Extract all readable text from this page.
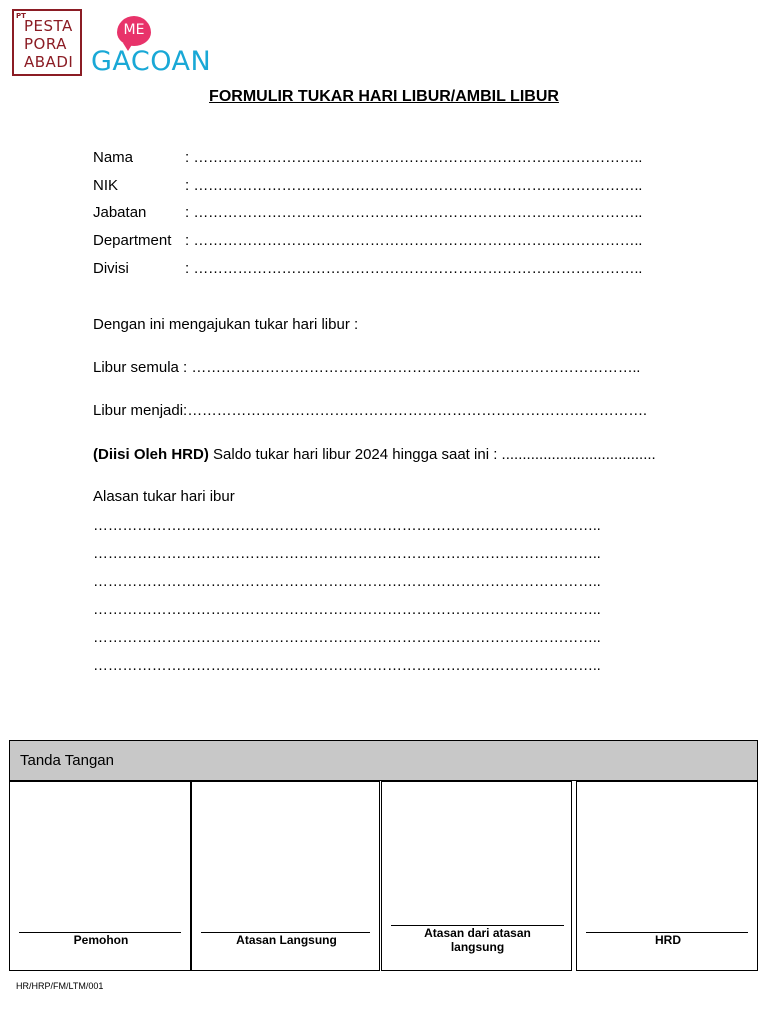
PT
PESTA
PORA
ABADI
ME
GACOAN
FORMULIR TUKAR HARI LIBUR/AMBIL LIBUR
Nama	: ………………………………………………………………………………..
NIK	: ………………………………………………………………………………..
Jabatan	: ………………………………………………………………………………..
Department : ………………………………………………………………………………..
Divisi	: ………………………………………………………………………………..
Dengan ini mengajukan tukar hari libur :
Libur semula : ………………………………………………………………………………..
Libur menjadi:………………………………………………………………………………….
(Diisi Oleh HRD) Saldo tukar hari libur 2024 hingga saat ini : .....................................
Alasan tukar hari ibur
…………………………………………………………………………………………..
…………………………………………………………………………………………..
…………………………………………………………………………………………..
…………………………………………………………………………………………..
…………………………………………………………………………………………..
…………………………………………………………………………………………..
Tanda Tangan
Pemohon	Atasan Langsung	Atasan dari atasan langsung	HRD
HR/HRP/FM/LTM/001
